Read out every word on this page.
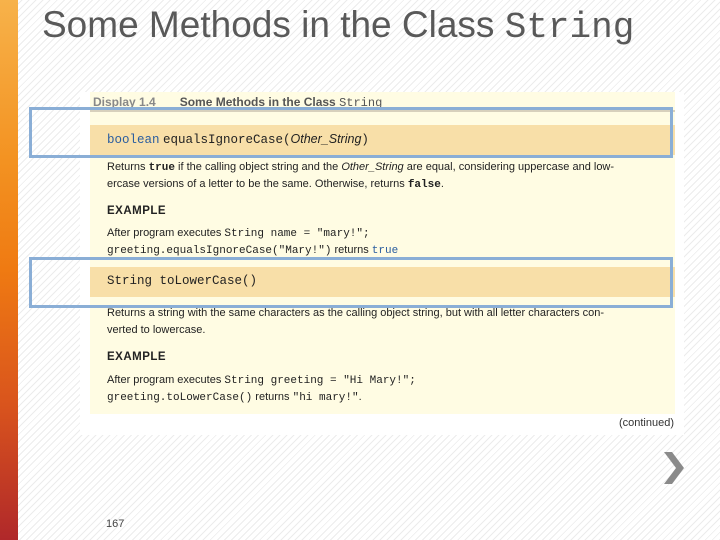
Some Methods in the Class String
Display 1.4 Some Methods in the Class String
boolean equalsIgnoreCase(Other_String)
Returns true if the calling object string and the Other_String are equal, considering uppercase and low-
ercase versions of a letter to be the same. Otherwise, returns false.
EXAMPLE
After program executes String name = "mary!";
greeting.equalsIgnoreCase("Mary!") returns true
String toLowerCase()
Returns a string with the same characters as the calling object string, but with all letter characters con-
verted to lowercase.
EXAMPLE
After program executes String greeting = "Hi Mary!";
greeting.toLowerCase() returns "hi mary!".
(continued)
167
